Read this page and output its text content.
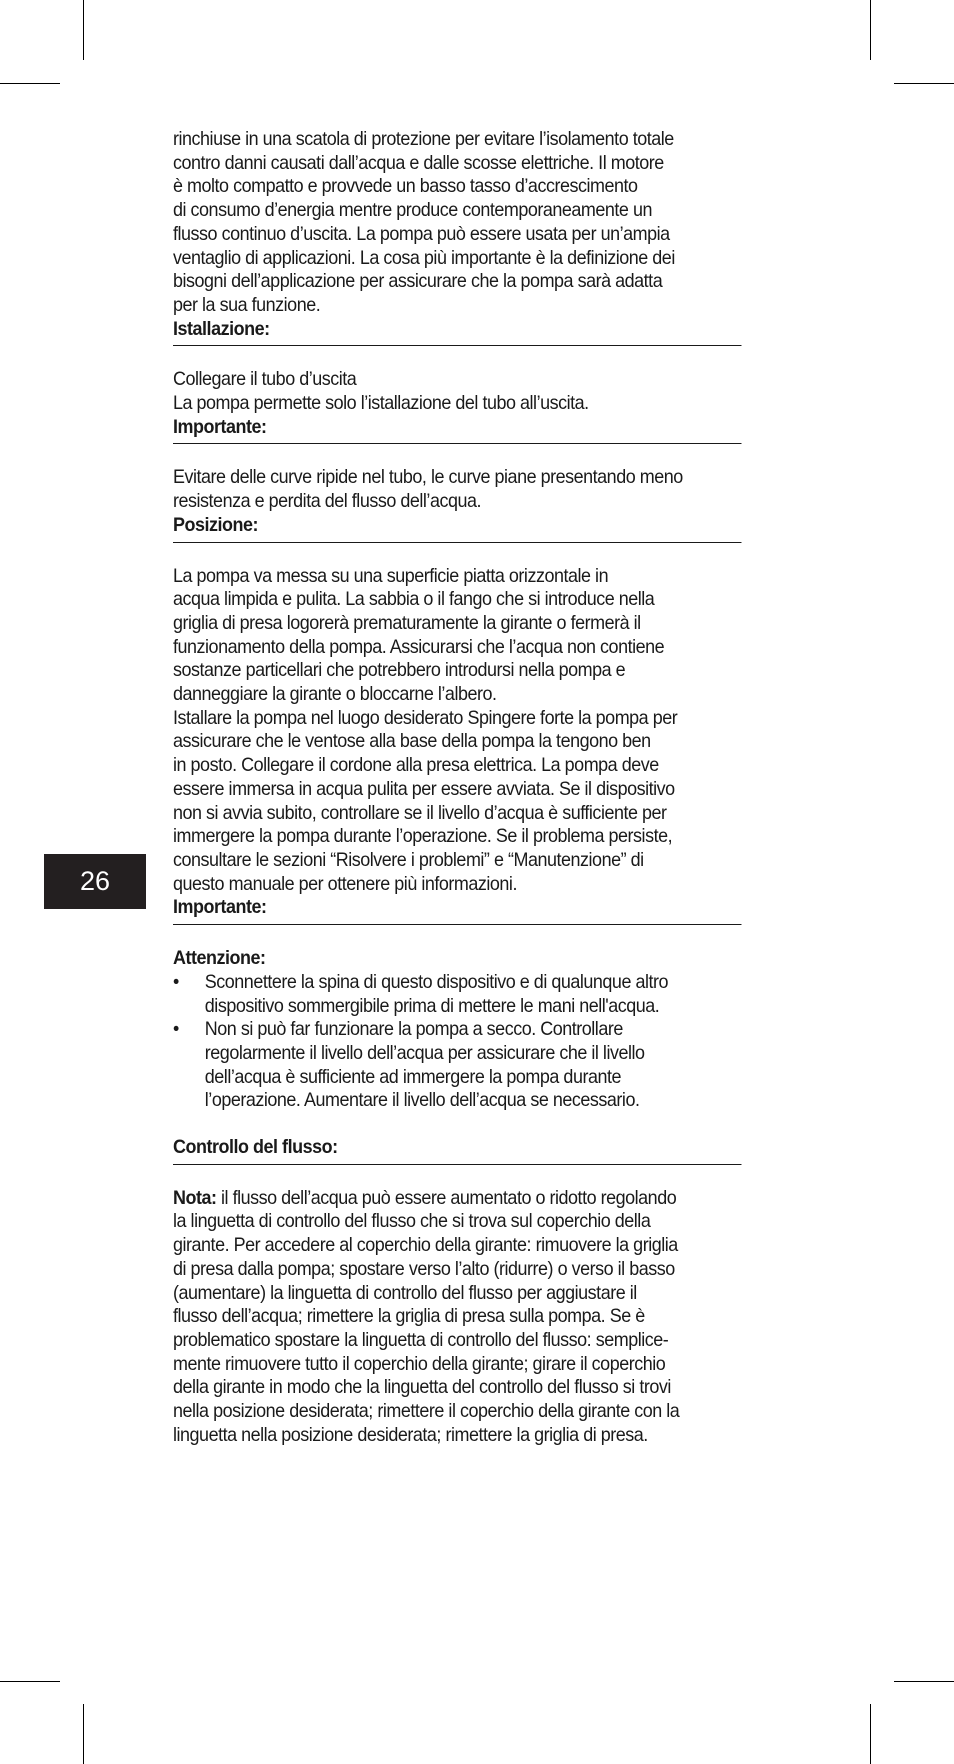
26

rinchiuse in una scatola di protezione per evitare l’isolamento totale
contro danni causati dall’acqua e dalle scosse elettriche. Il motore
è molto compatto e provvede un basso tasso d’accrescimento
di consumo d’energia mentre produce contemporaneamente un
flusso continuo d’uscita. La pompa può essere usata per un’ampia
ventaglio di applicazioni. La cosa più importante è la definizione dei
bisogni dell’applicazione per assicurare che la pompa sarà adatta
per la sua funzione.

Istallazione:

Collegare il tubo d’uscita
La pompa permette solo l’istallazione del tubo all’uscita.

Importante:

Evitare delle curve ripide nel tubo, le curve piane presentando meno
resistenza e perdita del flusso dell’acqua.

Posizione:

La pompa va messa su una superficie piatta orizzontale in
acqua limpida e pulita. La sabbia o il fango che si introduce nella
griglia di presa logorerà prematuramente la girante o fermerà il
funzionamento della pompa. Assicurarsi che l’acqua non contiene
sostanze particellari che potrebbero introdursi nella pompa e
danneggiare la girante o bloccarne l’albero.

Istallare la pompa nel luogo desiderato Spingere forte la pompa per
assicurare che le ventose alla base della pompa la tengono ben
in posto. Collegare il cordone alla presa elettrica. La pompa deve
essere immersa in acqua pulita per essere avviata. Se il dispositivo
non si avvia subito, controllare se il livello d’acqua è sufficiente per
immergere la pompa durante l’operazione. Se il problema persiste,
consultare le sezioni “Risolvere i problemi” e “Manutenzione” di
questo manuale per ottenere più informazioni.

Importante:
Attenzione:
• Sconnettere la spina di questo dispositivo e di qualunque altro
dispositivo sommergibile prima di mettere le mani nell'acqua.
• Non si può far funzionare la pompa a secco. Controllare
regolarmente il livello dell’acqua per assicurare che il livello
dell’acqua è sufficiente ad immergere la pompa durante
l’operazione. Aumentare il livello dell’acqua se necessario.
Controllo del flusso:

Nota: il flusso dell’acqua può essere aumentato o ridotto regolando
la linguetta di controllo del flusso che si trova sul coperchio della
girante. Per accedere al coperchio della girante: rimuovere la griglia
di presa dalla pompa; spostare verso l’alto (ridurre) o verso il basso
(aumentare) la linguetta di controllo del flusso per aggiustare il
flusso dell’acqua; rimettere la griglia di presa sulla pompa. Se è
problematico spostare la linguetta di controllo del flusso: semplice-
mente rimuovere tutto il coperchio della girante; girare il coperchio
della girante in modo che la linguetta del controllo del flusso si trovi
nella posizione desiderata; rimettere il coperchio della girante con la
linguetta nella posizione desiderata; rimettere la griglia di presa.
